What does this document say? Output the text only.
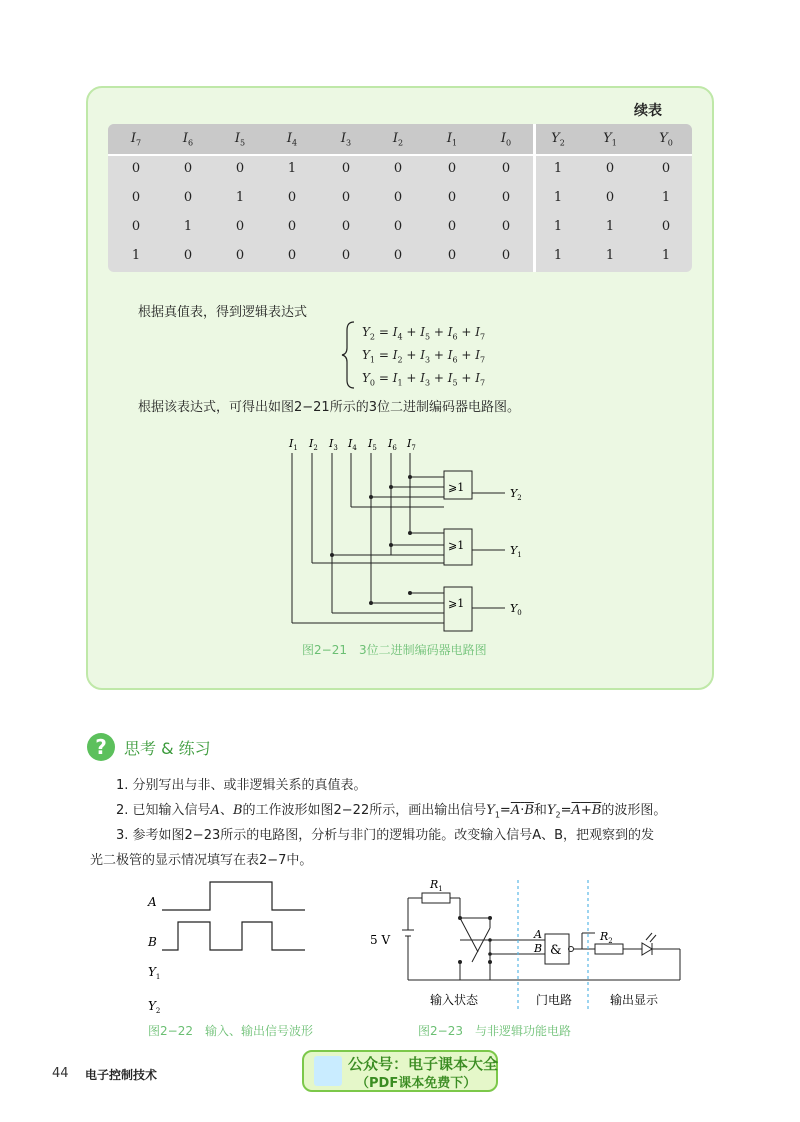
续表
$I_7$	$I_6$	$I_5$	$I_4$	$I_3$	$I_2$	$I_1$	$I_0$	$Y_2$	$Y_1$	$Y_0$
0	0	0	1	0	0	0	0	1	0	0
0	0	1	0	0	0	0	0	1	0	1
0	1	0	0	0	0	0	0	1	1	0
1	0	0	0	0	0	0	0	1	1	1
根据真值表，得到逻辑表达式
$Y_2 = I_4 + I_5 + I_6 + I_7$
$Y_1 = I_2 + I_3 + I_6 + I_7$
$Y_0 = I_1 + I_3 + I_5 + I_7$
根据该表达式，可得出如图2−21所示的3位二进制编码器电路图。
$I_1$ $I_2$ $I_3$ $I_4$ $I_5$ $I_6$ $I_7$
⩾1
⩾1
⩾1
$Y_2$
$Y_1$
$Y_0$
图2−21　3位二进制编码器电路图
?	思考 & 练习
1. 分别写出与非、或非逻辑关系的真值表。
2. 已知输入信号A、B的工作波形如图2−22所示，画出输出信号$Y_1=A\cdot B$和$Y_2=A+B$的波形图。
3. 参考如图2−23所示的电路图，分析与非门的逻辑功能。改变输入信号A、B，把观察到的发
光二极管的显示情况填写在表2−7中。
A
B
$Y_1$
$Y_2$
图2−22　输入、输出信号波形
$R_1$
$R_2$
5 V	A
B &
输入状态	门电路	输出显示
图2−23　与非逻辑功能电路
44 电子控制技术
公众号：电子课本大全
（PDF课本免费下）
